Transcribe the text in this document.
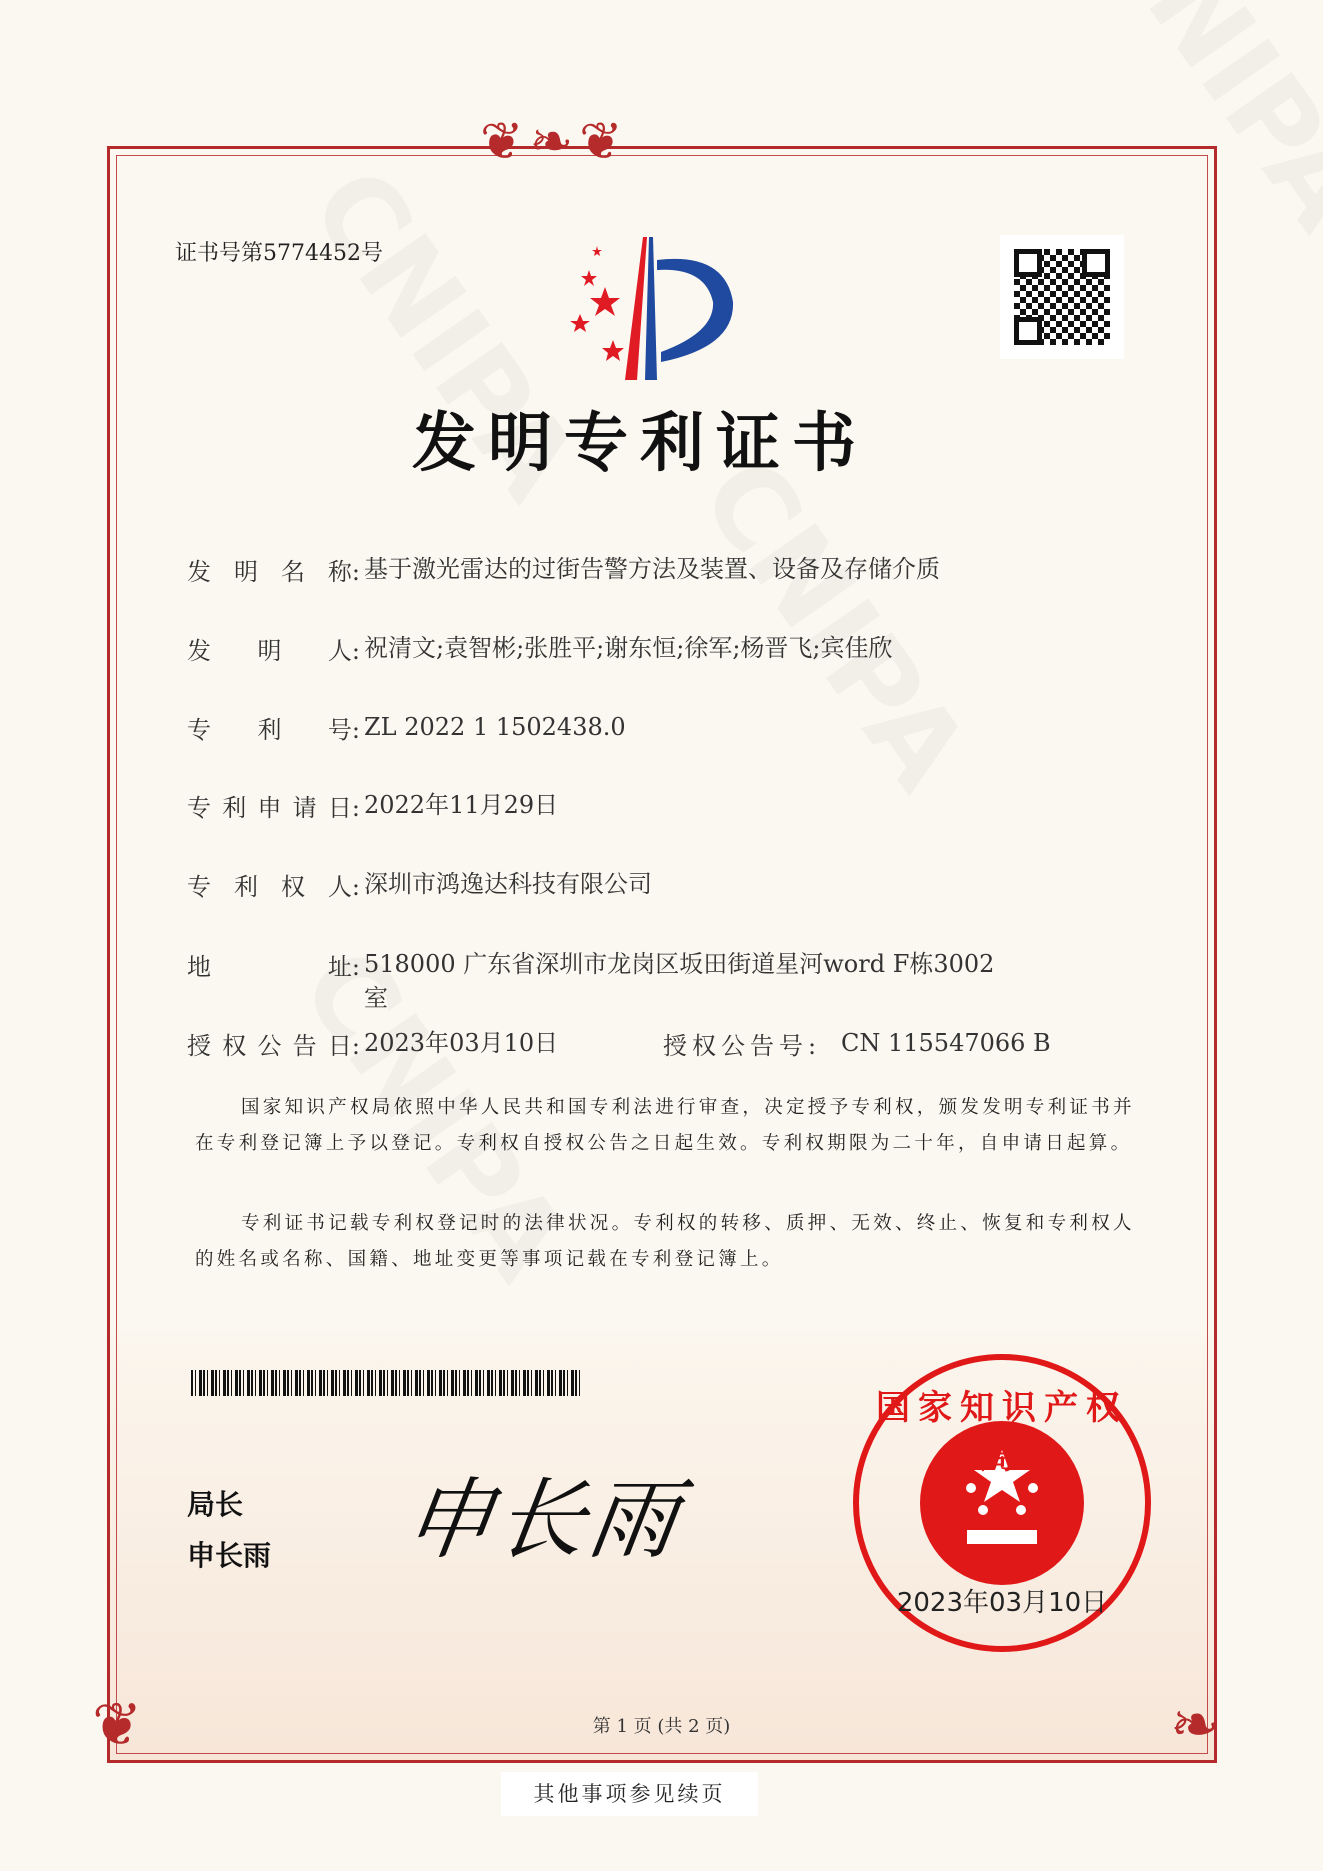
❦❧❦
❦	❧
证书号第5774452号
发明专利证书
发 明 名 称: 基于激光雷达的过街告警方法及装置、设备及存储介质
发 明 人: 祝清文;袁智彬;张胜平;谢东恒;徐军;杨晋飞;宾佳欣
专 利 号: ZL 2022 1 1502438.0
专 利 申 请 日: 2022年11月29日
专 利 权 人: 深圳市鸿逸达科技有限公司
地	址: 518000 广东省深圳市龙岗区坂田街道星河word F栋3002室
授 权 公 告 日: 2023年03月10日	授权公告号: CN 115547066 B
国家知识产权局依照中华人民共和国专利法进行审查，决定授予专利权，颁发发明专利证书并在专利登记簿上予以登记。专利权自授权公告之日起生效。专利权期限为二十年，自申请日起算。
专利证书记载专利权登记时的法律状况。专利权的转移、质押、无效、终止、恢复和专利权人的姓名或名称、国籍、地址变更等事项记载在专利登记簿上。
局长
申长雨 申长雨
国家知识产权局
2023年03月10日
第 1 页 (共 2 页)
其他事项参见续页
